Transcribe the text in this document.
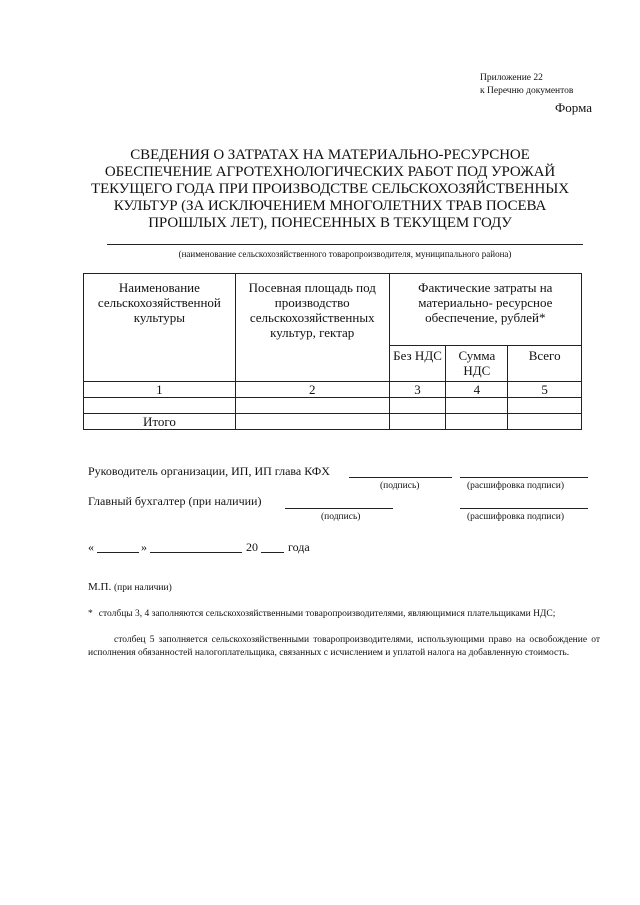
Приложение 22
к Перечню документов
Форма
СВЕДЕНИЯ О ЗАТРАТАХ НА МАТЕРИАЛЬНО-РЕСУРСНОЕ
ОБЕСПЕЧЕНИЕ АГРОТЕХНОЛОГИЧЕСКИХ РАБОТ ПОД УРОЖАЙ
ТЕКУЩЕГО ГОДА ПРИ ПРОИЗВОДСТВЕ СЕЛЬСКОХОЗЯЙСТВЕННЫХ
КУЛЬТУР (ЗА ИСКЛЮЧЕНИЕМ МНОГОЛЕТНИХ ТРАВ ПОСЕВА
ПРОШЛЫХ ЛЕТ), ПОНЕСЕННЫХ В ТЕКУЩЕМ ГОДУ
(наименование сельскохозяйственного товаропроизводителя, муниципального района)
Наименование сельскохозяйственной культуры	Посевная площадь под производство сельскохозяйственных культур, гектар	Фактические затраты на материально- ресурсное обеспечение, рублей*		
		Без НДС	Сумма НДС	Всего
1	2	3	4	5

Итого				
Руководитель организации, ИП, ИП глава КФХ
(подпись)	(расшифровка подписи)
Главный бухгалтер (при наличии)
(подпись)	(расшифровка подписи)
«	»	20	года
М.П. (при наличии)
* столбцы 3, 4 заполняются сельскохозяйственными товаропроизводителями, являющимися плательщиками НДС;
столбец 5 заполняется сельскохозяйственными товаропроизводителями, использующими право на освобождение от исполнения обязанностей налогоплательщика, связанных с исчислением и уплатой налога на добавленную стоимость.
